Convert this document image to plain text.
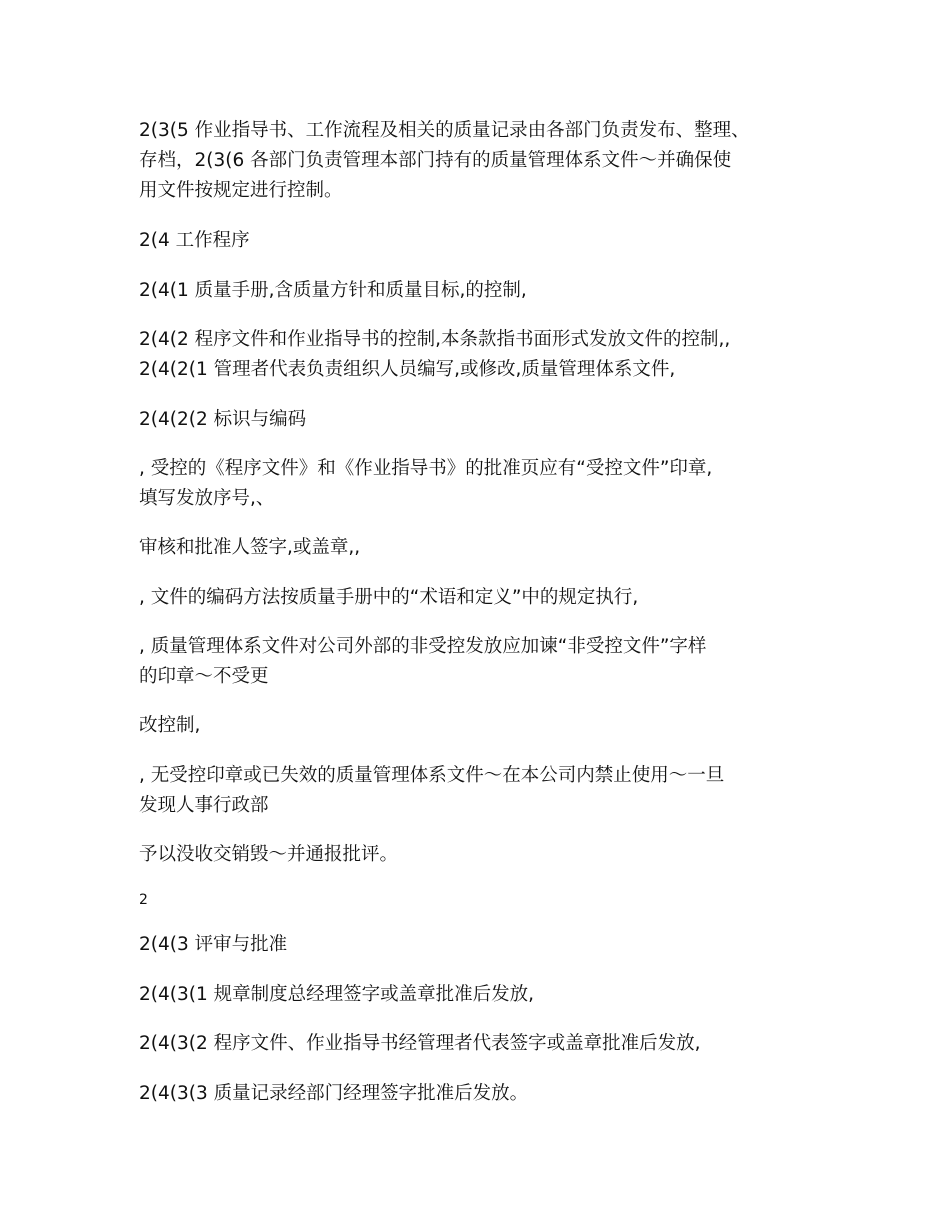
2(3(5 作业指导书、工作流程及相关的质量记录由各部门负责发布、整理、
存档，2(3(6 各部门负责管理本部门持有的质量管理体系文件～并确保使
用文件按规定进行控制。
2(4 工作程序
2(4(1 质量手册,含质量方针和质量目标,的控制,
2(4(2 程序文件和作业指导书的控制,本条款指书面形式发放文件的控制,,
2(4(2(1 管理者代表负责组织人员编写,或修改,质量管理体系文件,
2(4(2(2 标识与编码
, 受控的《程序文件》和《作业指导书》的批准页应有“受控文件”印章,
填写发放序号,、
审核和批准人签字,或盖章,,
, 文件的编码方法按质量手册中的“术语和定义”中的规定执行,
, 质量管理体系文件对公司外部的非受控发放应加谏“非受控文件”字样
的印章～不受更
改控制,
, 无受控印章或已失效的质量管理体系文件～在本公司内禁止使用～一旦
发现人事行政部
予以没收交销毁～并通报批评。
2
2(4(3 评审与批准
2(4(3(1 规章制度总经理签字或盖章批准后发放,
2(4(3(2 程序文件、作业指导书经管理者代表签字或盖章批准后发放,
2(4(3(3 质量记录经部门经理签字批准后发放。
